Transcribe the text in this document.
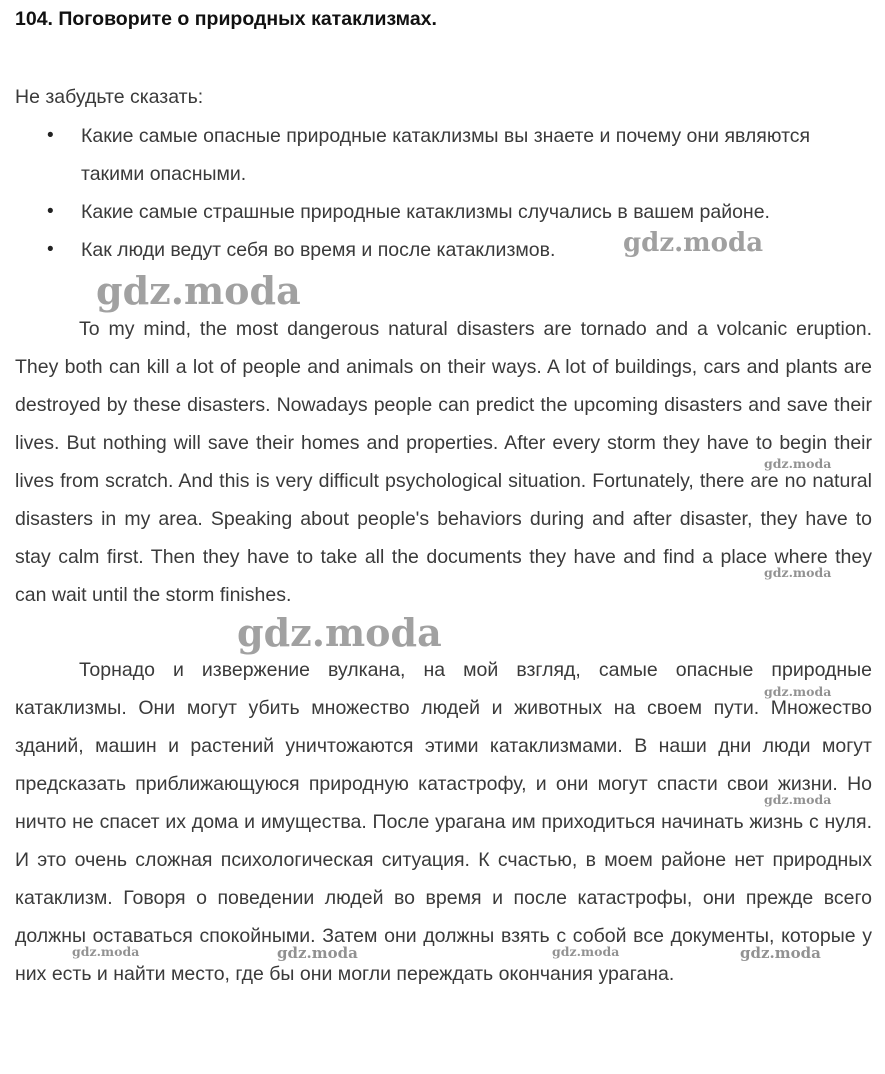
104. Поговорите о природных катаклизмах.
Не забудьте сказать:
• Какие самые опасные природные катаклизмы вы знаете и почему они являются такими опасными.
• Какие самые страшные природные катаклизмы случались в вашем районе.
• Как люди ведут себя во время и после катаклизмов.

To my mind, the most dangerous natural disasters are tornado and a volcanic eruption. They both can kill a lot of people and animals on their ways. A lot of buildings, cars and plants are destroyed by these disasters. Nowadays people can predict the upcoming disasters and save their lives. But nothing will save their homes and properties. After every storm they have to begin their lives from scratch. And this is very difficult psychological situation. Fortunately, there are no natural disasters in my area. Speaking about people's behaviors during and after disaster, they have to stay calm first. Then they have to take all the documents they have and find a place where they can wait until the storm finishes.

Торнадо и извержение вулкана, на мой взгляд, самые опасные природные катаклизмы. Они могут убить множество людей и животных на своем пути. Множество зданий, машин и растений уничтожаются этими катаклизмами. В наши дни люди могут предсказать приближающуюся природную катастрофу, и они могут спасти свои жизни. Но ничто не спасет их дома и имущества. После урагана им приходиться начинать жизнь с нуля. И это очень сложная психологическая ситуация. К счастью, в моем районе нет природных катаклизм. Говоря о поведении людей во время и после катастрофы, они прежде всего должны оставаться спокойными. Затем они должны взять с собой все документы, которые у них есть и найти место, где бы они могли переждать окончания урагана.

gdz.moda
gdz.moda
gdz.moda
gdz.moda
gdz.moda
gdz.moda
gdz.moda
gdz.moda	gdz.moda	gdz.moda	gdz.moda
